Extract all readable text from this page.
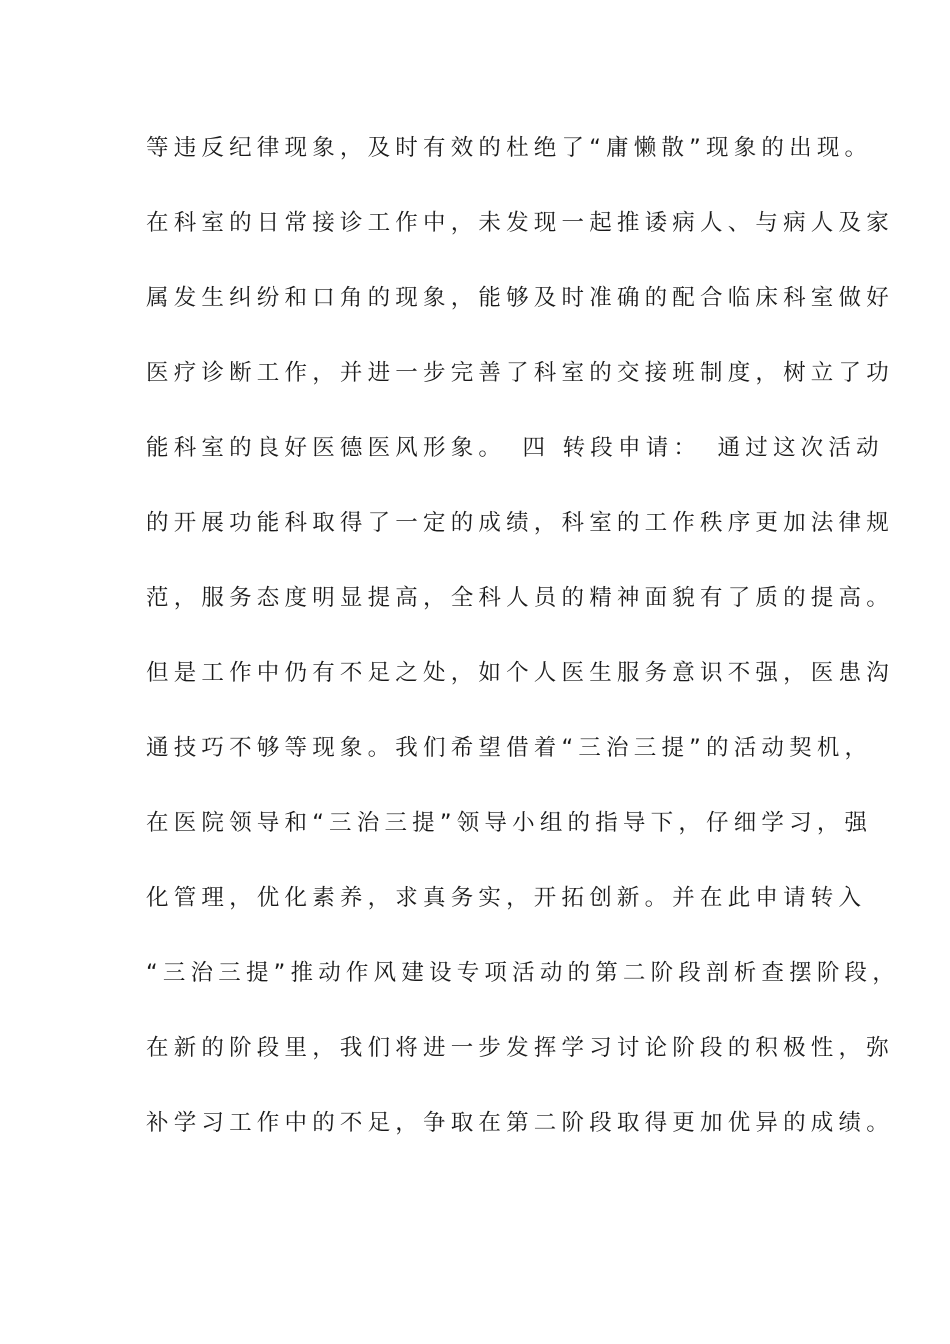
等违反纪律现象，及时有效的杜绝了“庸懒散”现象的出现。
在科室的日常接诊工作中，未发现一起推诿病人、与病人及家
属发生纠纷和口角的现象，能够及时准确的配合临床科室做好
医疗诊断工作，并进一步完善了科室的交接班制度，树立了功
能科室的良好医德医风形象。　四 转段申请：　通过这次活动
的开展功能科取得了一定的成绩，科室的工作秩序更加法律规
范，服务态度明显提高，全科人员的精神面貌有了质的提高。
但是工作中仍有不足之处，如个人医生服务意识不强，医患沟
通技巧不够等现象。我们希望借着“三治三提”的活动契机，
在医院领导和“三治三提”领导小组的指导下，仔细学习，强
化管理，优化素养，求真务实，开拓创新。并在此申请转入
“三治三提”推动作风建设专项活动的第二阶段剖析查摆阶段，
在新的阶段里，我们将进一步发挥学习讨论阶段的积极性，弥
补学习工作中的不足，争取在第二阶段取得更加优异的成绩。
